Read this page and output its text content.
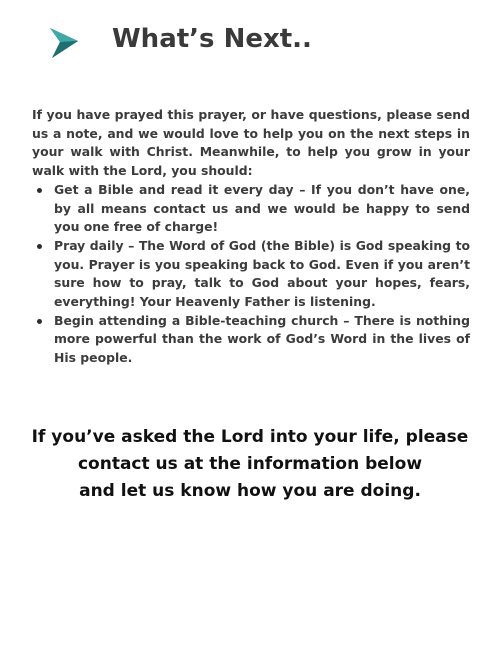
What’s Next..

If you have prayed this prayer, or have questions, please send us a note, and we would love to help you on the next steps in your walk with Christ. Meanwhile, to help you grow in your walk with the Lord, you should:

Get a Bible and read it every day – If you don’t have one, by all means contact us and we would be happy to send you one free of charge!
Pray daily – The Word of God (the Bible) is God speaking to you. Prayer is you speaking back to God. Even if you aren’t sure how to pray, talk to God about your hopes, fears, everything! Your Heavenly Father is listening.
Begin attending a Bible-teaching church – There is nothing more powerful than the work of God’s Word in the lives of His people.

If you’ve asked the Lord into your life, please
contact us at the information below
and let us know how you are doing.
